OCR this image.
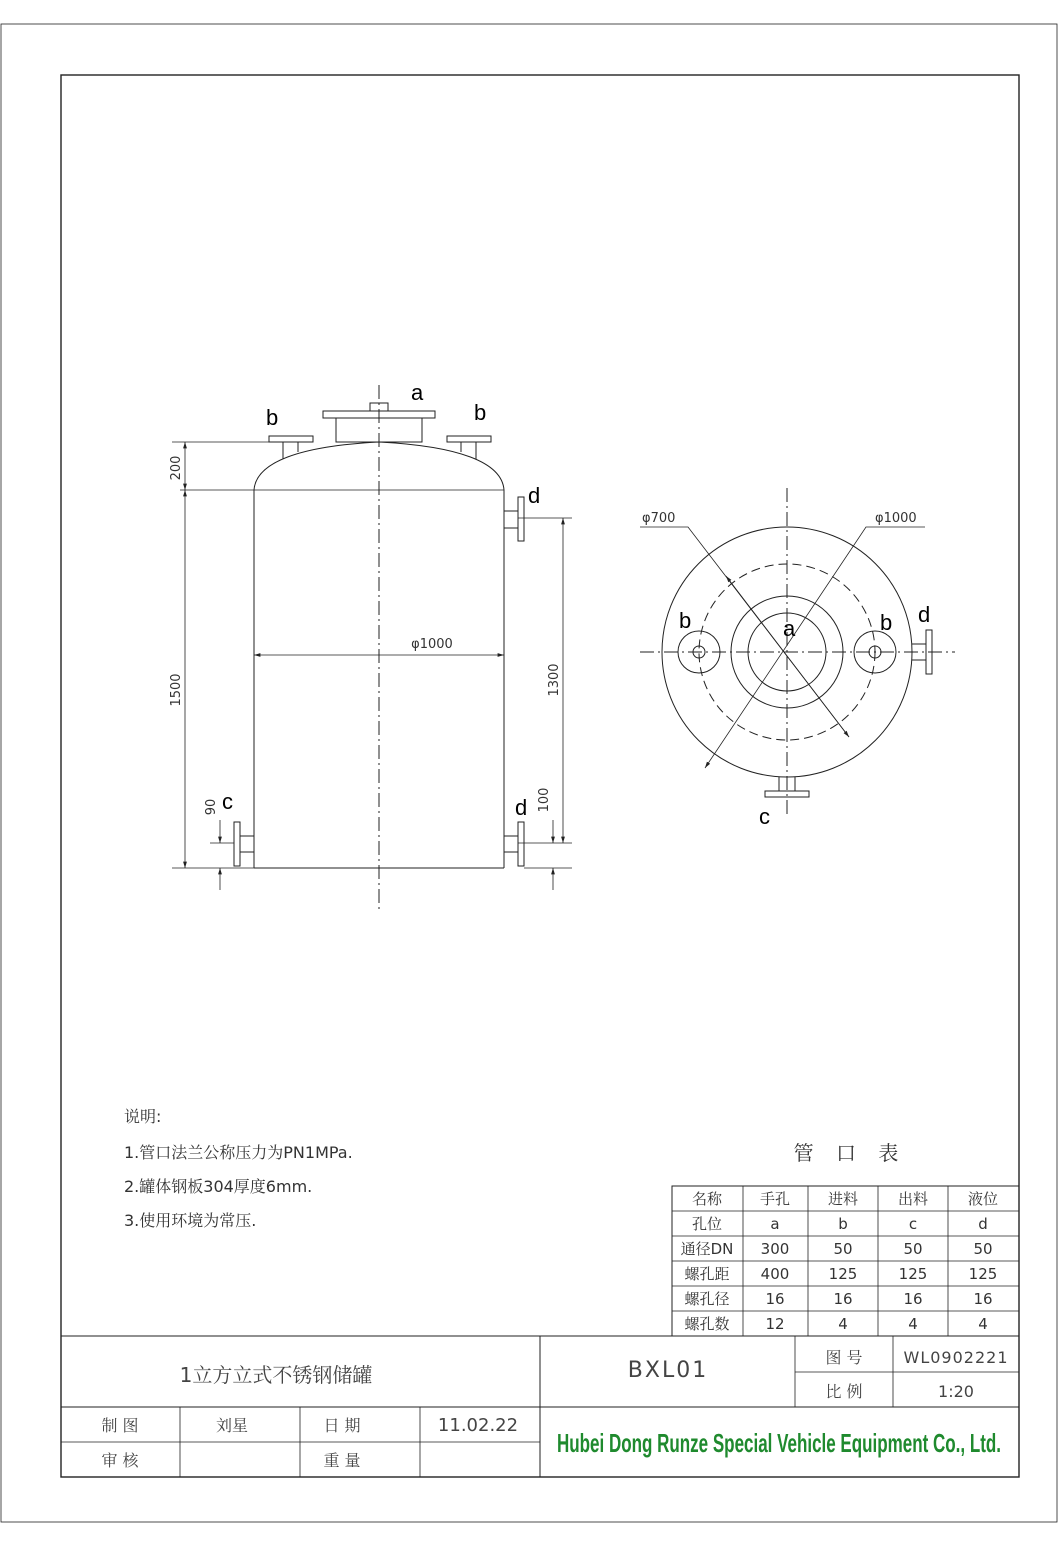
a
b	b
d
d
c
200
1500
φ1000
1300
100
90
φ700	φ1000
a
b	b d
c
说明:
1.管口法兰公称压力为PN1MPa.
2.罐体钢板304厚度6mm.
3.使用环境为常压.
管 口 表
名称	手孔	进料	出料	液位
孔位	a	b	c	d
通径DN 300	50	50	50
螺孔距 400	125	125	125
螺孔径 16	16	16	16
螺孔数 12	4	4	4
1立方立式不锈钢储罐	BXL01
图 号	WL0902221
比 例	1:20
制 图	刘星	日 期	11.02.22
审 核	重 量
Hubei Dong Runze Special Vehicle Equipment Co., Ltd.
